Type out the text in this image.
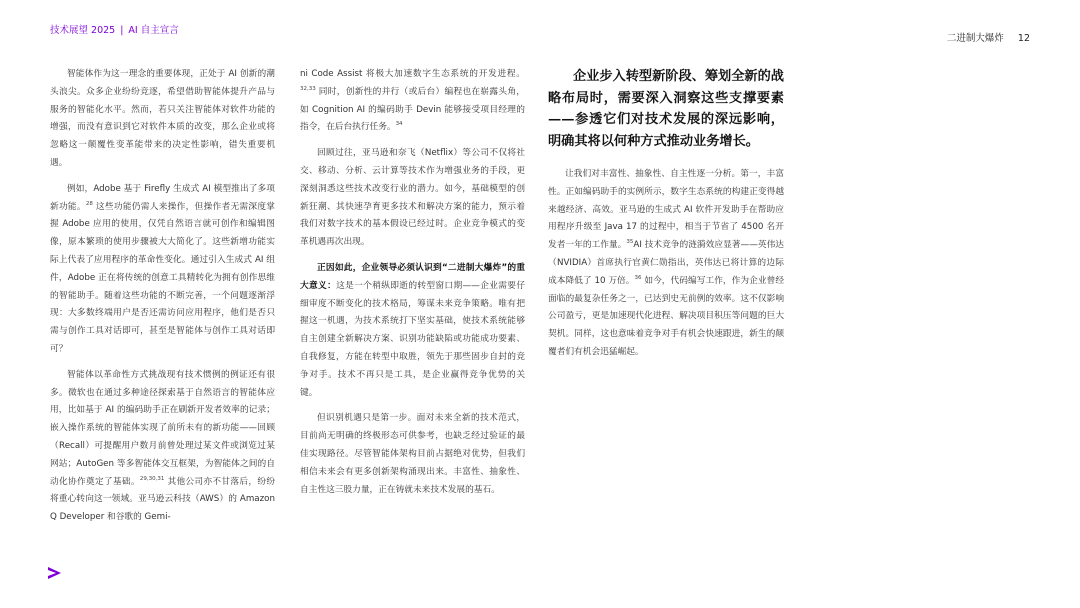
技术展望 2025 | AI 自主宣言
二进制大爆炸 12

智能体作为这一理念的重要体现，正处于 AI 创新的潮头浪尖。众多企业纷纷竞逐，希望借助智能体提升产品与服务的智能化水平。然而，若只关注智能体对软件功能的增强，而没有意识到它对软件本质的改变，那么企业或将忽略这一颠覆性变革能带来的决定性影响，错失重要机遇。

例如，Adobe 基于 Firefly 生成式 AI 模型推出了多项新功能。$^{28}$ 这些功能仍需人来操作，但操作者无需深度掌握 Adobe 应用的使用，仅凭自然语言就可创作和编辑图像，原本繁琐的使用步骤被大大简化了。这些新增功能实际上代表了应用程序的革命性变化。通过引入生成式 AI 组件，Adobe 正在将传统的创意工具精转化为拥有创作思维的智能助手。随着这些功能的不断完善，一个问题逐渐浮现：大多数终端用户是否还需访问应用程序，他们是否只需与创作工具对话即可，甚至是智能体与创作工具对话即可？

智能体以革命性方式挑战现有技术惯例的例证还有很多。微软也在通过多种途径探索基于自然语言的智能体应用，比如基于 AI 的编码助手正在刷新开发者效率的记录；嵌入操作系统的智能体实现了前所未有的新功能——回顾（Recall）可提醒用户数月前曾处理过某文件或浏览过某网站；AutoGen 等多智能体交互框架，为智能体之间的自动化协作奠定了基础。$^{29,30,31}$ 其他公司亦不甘落后，纷纷将重心转向这一领域。亚马逊云科技（AWS）的 Amazon Q Developer 和谷歌的 Gemi-

ni Code Assist 将极大加速数字生态系统的开发进程。$^{32,33}$ 同时，创新性的并行（或后台）编程也在崭露头角，如 Cognition AI 的编码助手 Devin 能够接受项目经理的指令，在后台执行任务。$^{34}$

回顾过往，亚马逊和奈飞（Netflix）等公司不仅将社交、移动、分析、云计算等技术作为增强业务的手段，更深刻洞悉这些技术改变行业的潜力。如今，基础模型的创新狂潮、其快速孕育更多技术和解决方案的能力，预示着我们对数字技术的基本假设已经过时。企业竞争模式的变革机遇再次出现。

正因如此，企业领导必须认识到“二进制大爆炸”的重大意义：这是一个稍纵即逝的转型窗口期——企业需要仔细审度不断变化的技术格局，筹谋未来竞争策略。唯有把握这一机遇，为技术系统打下坚实基础，使技术系统能够自主创建全新解决方案、识别功能缺陷或功能成功要素、自我修复，方能在转型中取胜，领先于那些固步自封的竞争对手。技术不再只是工具，是企业赢得竞争优势的关键。

但识别机遇只是第一步。面对未来全新的技术范式，目前尚无明确的终极形态可供参考，也缺乏经过验证的最佳实现路径。尽管智能体架构目前占据绝对优势，但我们相信未来会有更多创新架构涌现出来。丰富性、抽象性、自主性这三股力量，正在铸就未来技术发展的基石。

企业步入转型新阶段、筹划全新的战略布局时，需要深入洞察这些支撑要素——参透它们对技术发展的深远影响，明确其将以何种方式推动业务增长。

让我们对丰富性、抽象性、自主性逐一分析。第一，丰富性。正如编码助手的实例所示，数字生态系统的构建正变得越来越经济、高效。亚马逊的生成式 AI 软件开发助手在帮助应用程序升级至 Java 17 的过程中，相当于节省了 4500 名开发者一年的工作量。$^{35}$AI 技术竞争的涟漪效应显著——英伟达（NVIDIA）首席执行官黄仁勋指出，英伟达已将计算的边际成本降低了 10 万倍。$^{36}$ 如今，代码编写工作，作为企业曾经面临的最复杂任务之一，已达到史无前例的效率。这不仅影响公司盈亏，更是加速现代化进程、解决项目积压等问题的巨大契机。同样，这也意味着竞争对手有机会快速跟进，新生的颠覆者们有机会迅猛崛起。
